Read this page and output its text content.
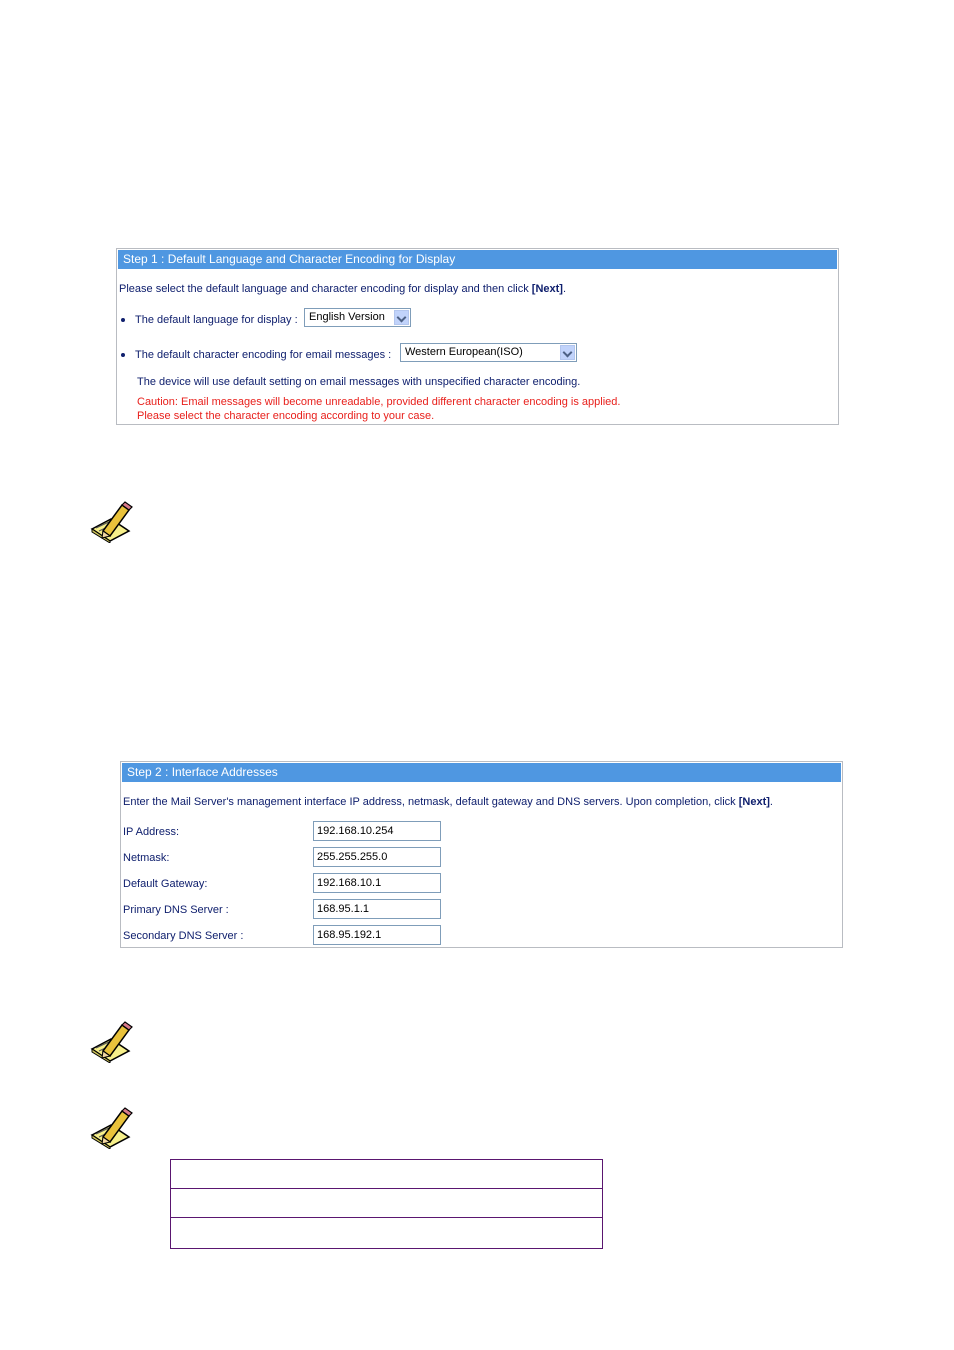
Step 1 : Default Language and Character Encoding for Display
Please select the default language and character encoding for display and then click [Next].
The default language for display :	English Version
The default character encoding for email messages :	Western European(ISO)
The device will use default setting on email messages with unspecified character encoding.
Caution: Email messages will become unreadable, provided different character encoding is applied.
Please select the character encoding according to your case.
Step 2 : Interface Addresses
Enter the Mail Server's management interface IP address, netmask, default gateway and DNS servers. Upon completion, click [Next].
IP Address:
192.168.10.254
Netmask:
255.255.255.0
Default Gateway:
192.168.10.1
Primary DNS Server :
168.95.1.1
Secondary DNS Server :
168.95.192.1
